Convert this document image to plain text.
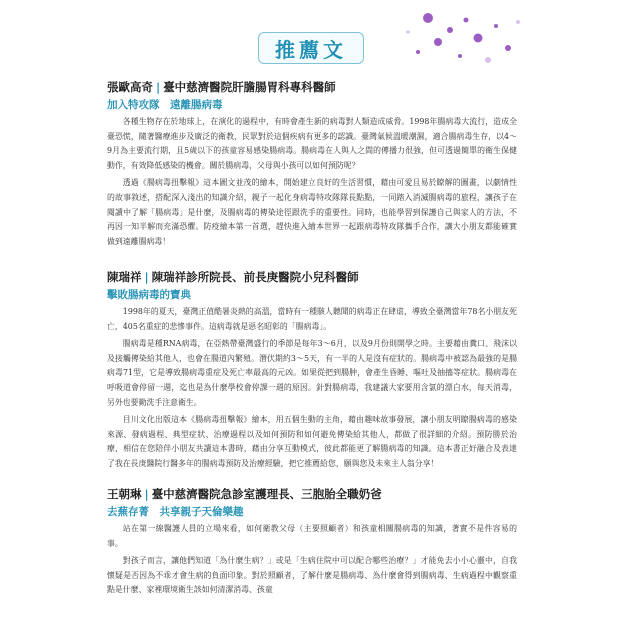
推薦文
張歐高奇 | 臺中慈濟醫院肝膽腸胃科專科醫師
加入特攻隊　遠離腸病毒

各種生物存在於地球上，在演化的過程中，有時會產生新的病毒對人類造成威脅。1998年腸病毒大流行，造成全臺恐慌，隨著醫療進步及廣泛的衛教，民眾對於這個疾病有更多的認識。臺灣氣候溫暖潮濕，適合腸病毒生存，以4～9月為主要流行期，且5歲以下的孩童容易感染腸病毒。腸病毒在人與人之間的傳播力很強，但可透過簡單的衛生保健動作，有效降低感染的機會。關於腸病毒，父母與小孩可以如何預防呢？

透過《腸病毒扭擊報》這本圖文並茂的繪本，開始建立良好的生活習慣，藉由可愛且易於瞭解的圖畫，以劇情性的故事敘述，搭配深入淺出的知識介紹，親子一起化身病毒特攻隊隊長點點，一同踏入消滅腸病毒的旅程，讓孩子在閱讀中了解「腸病毒」是什麼，及腸病毒的傳染途徑跟洗手的重要性。同時，也能學習到保護自己與家人的方法，不再因一知半解而充滿恐懼。防疫繪本第一首選，趕快進入繪本世界一起跟病毒特攻隊攜手合作，讓大小朋友都能確實做到遠離腸病毒！

陳瑞祥 | 陳瑞祥診所院長、前長庚醫院小兒科醫師
擊敗腸病毒的寶典

1998年的夏天，臺灣正值酷暑炎熱的高溫，當時有一種駭人聽聞的病毒正在肆虐，導致全臺灣當年78名小朋友死亡，405名重症的悲慘事件。這病毒就是惡名昭彰的「腸病毒」。

腸病毒是種RNA病毒，在亞熱帶臺灣盛行的季節是每年3～6月，以及9月份則開學之時。主要藉由糞口、飛沫以及接觸傳染給其他人，也會在腸道內繁殖。潛伏期約3～5天，有一半的人是沒有症狀的。腸病毒中被認為最強的是腸病毒71型，它是導致腸病毒重症及死亡率最高的元凶。如果從把到腸肿，會產生昏睡、嘔吐及抽搐等症狀。腸病毒在呼吸道會停留一週，迄也是為什麼學校會停課一週的原因。針對腸病毒，我建議大家要用含氯的漂白水，每天消毒，另外也要勤洗手注意衛生。

目川文化出版這本《腸病毒扭擊報》繪本，用五個生動的主角，藉由趣味故事發展，讓小朋友明瞭腸病毒的感染來源、發病過程、典型症狀、治療過程以及如何預防和如何避免傳染給其他人，都做了很詳細的介紹。預防勝於治療，相信在您陪伴小朋友共讀這本書時，藉由分享互動模式，彼此都能更了解腸病毒的知識。這本書正好融合及表達了我在長庚醫院行醫多年的腸病毒預防及治療經驗，把它推薦給您，願與您及未來主人翁分享！

王朝琳 | 臺中慈濟醫院急診室護理長、三胞胎全職奶爸
去蕪存菁　共享親子天倫樂趣

站在第一線醫護人員的立場來看，如何衛教父母（主要照顧者）和孩童相關腸病毒的知識，著實不是件容易的事。

對孩子而言，讓他們知道「為什麼生病？」或是「生病住院中可以配合哪些治療？」才能免去小小心靈中，自我懷疑是否因為不乖才會生病的負面印象。對於照顧者，了解什麼是腸病毒、為什麼會得到腸病毒、生病過程中觀察重點是什麼、家裡環境衛生該如何清潔消毒、孩童
